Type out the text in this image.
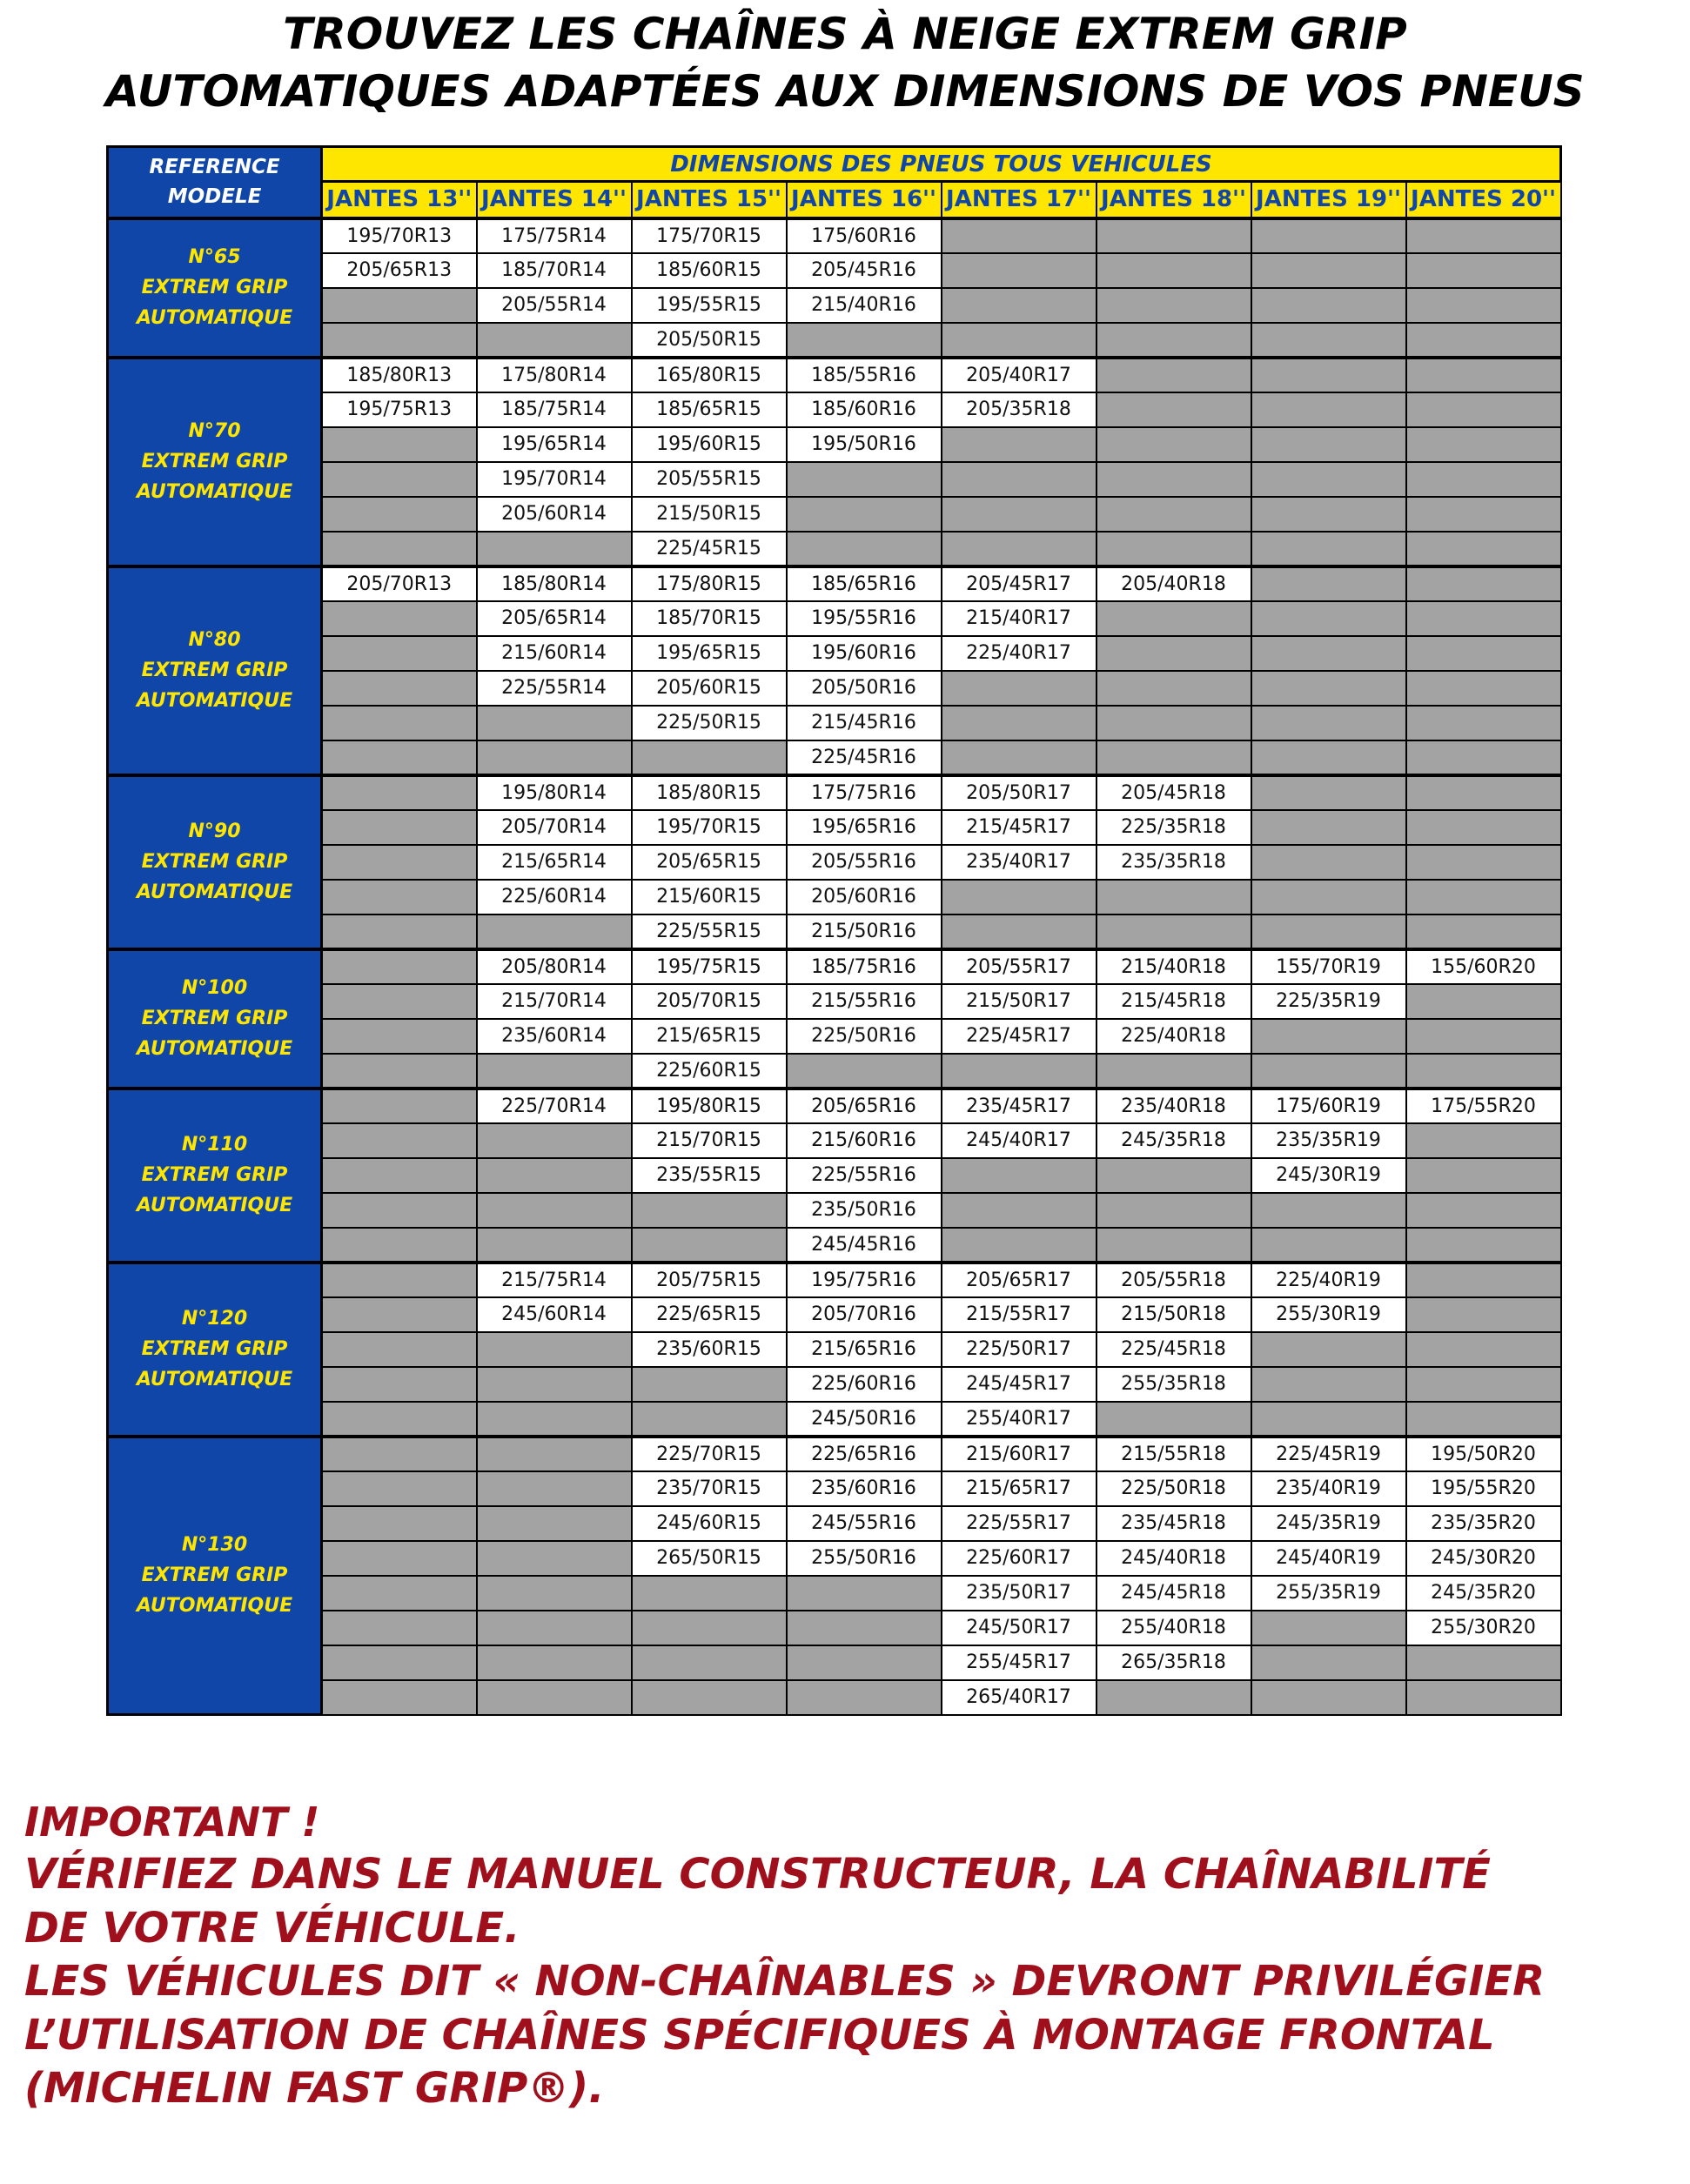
TROUVEZ LES CHAÎNES À NEIGE EXTREM GRIP
AUTOMATIQUES ADAPTÉES AUX DIMENSIONS DE VOS PNEUS
REFERENCE
MODELE	DIMENSIONS DES PNEUS TOUS VEHICULES							
	JANTES 13''	JANTES 14''	JANTES 15''	JANTES 16''	JANTES 17''	JANTES 18''	JANTES 19''	JANTES 20''

N°65
EXTREM GRIP
AUTOMATIQUE	195/70R13	175/75R14	175/70R15	175/60R16				
	205/65R13	185/70R14	185/60R15	205/45R16				
		205/55R14	195/55R15	215/40R16				
			205/50R15					

N°70
EXTREM GRIP
AUTOMATIQUE	185/80R13	175/80R14	165/80R15	185/55R16	205/40R17			
	195/75R13	185/75R14	185/65R15	185/60R16	205/35R18			
		195/65R14	195/60R15	195/50R16				
		195/70R14	205/55R15					
		205/60R14	215/50R15					
			225/45R15					

N°80
EXTREM GRIP
AUTOMATIQUE	205/70R13	185/80R14	175/80R15	185/65R16	205/45R17	205/40R18		
		205/65R14	185/70R15	195/55R16	215/40R17			
		215/60R14	195/65R15	195/60R16	225/40R17			
		225/55R14	205/60R15	205/50R16				
			225/50R15	215/45R16				
				225/45R16				

N°90
EXTREM GRIP
AUTOMATIQUE		195/80R14	185/80R15	175/75R16	205/50R17	205/45R18		
		205/70R14	195/70R15	195/65R16	215/45R17	225/35R18		
		215/65R14	205/65R15	205/55R16	235/40R17	235/35R18		
		225/60R14	215/60R15	205/60R16				
			225/55R15	215/50R16				

N°100
EXTREM GRIP
AUTOMATIQUE		205/80R14	195/75R15	185/75R16	205/55R17	215/40R18	155/70R19	155/60R20
		215/70R14	205/70R15	215/55R16	215/50R17	215/45R18	225/35R19	
		235/60R14	215/65R15	225/50R16	225/45R17	225/40R18		
			225/60R15					

N°110
EXTREM GRIP
AUTOMATIQUE		225/70R14	195/80R15	205/65R16	235/45R17	235/40R18	175/60R19	175/55R20
			215/70R15	215/60R16	245/40R17	245/35R18	235/35R19	
			235/55R15	225/55R16			245/30R19	
				235/50R16				
				245/45R16				

N°120
EXTREM GRIP
AUTOMATIQUE		215/75R14	205/75R15	195/75R16	205/65R17	205/55R18	225/40R19	
		245/60R14	225/65R15	205/70R16	215/55R17	215/50R18	255/30R19	
			235/60R15	215/65R16	225/50R17	225/45R18		
				225/60R16	245/45R17	255/35R18		
				245/50R16	255/40R17			

N°130
EXTREM GRIP
AUTOMATIQUE			225/70R15	225/65R16	215/60R17	215/55R18	225/45R19	195/50R20
			235/70R15	235/60R16	215/65R17	225/50R18	235/40R19	195/55R20
			245/60R15	245/55R16	225/55R17	235/45R18	245/35R19	235/35R20
			265/50R15	255/50R16	225/60R17	245/40R18	245/40R19	245/30R20
					235/50R17	245/45R18	255/35R19	245/35R20
					245/50R17	255/40R18		255/30R20
					255/45R17	265/35R18		
					265/40R17			
IMPORTANT !
VÉRIFIEZ DANS LE MANUEL CONSTRUCTEUR, LA CHAÎNABILITÉ
DE VOTRE VÉHICULE.
LES VÉHICULES DIT « NON-CHAÎNABLES » DEVRONT PRIVILÉGIER
L’UTILISATION DE CHAÎNES SPÉCIFIQUES À MONTAGE FRONTAL
(MICHELIN FAST GRIP®).
